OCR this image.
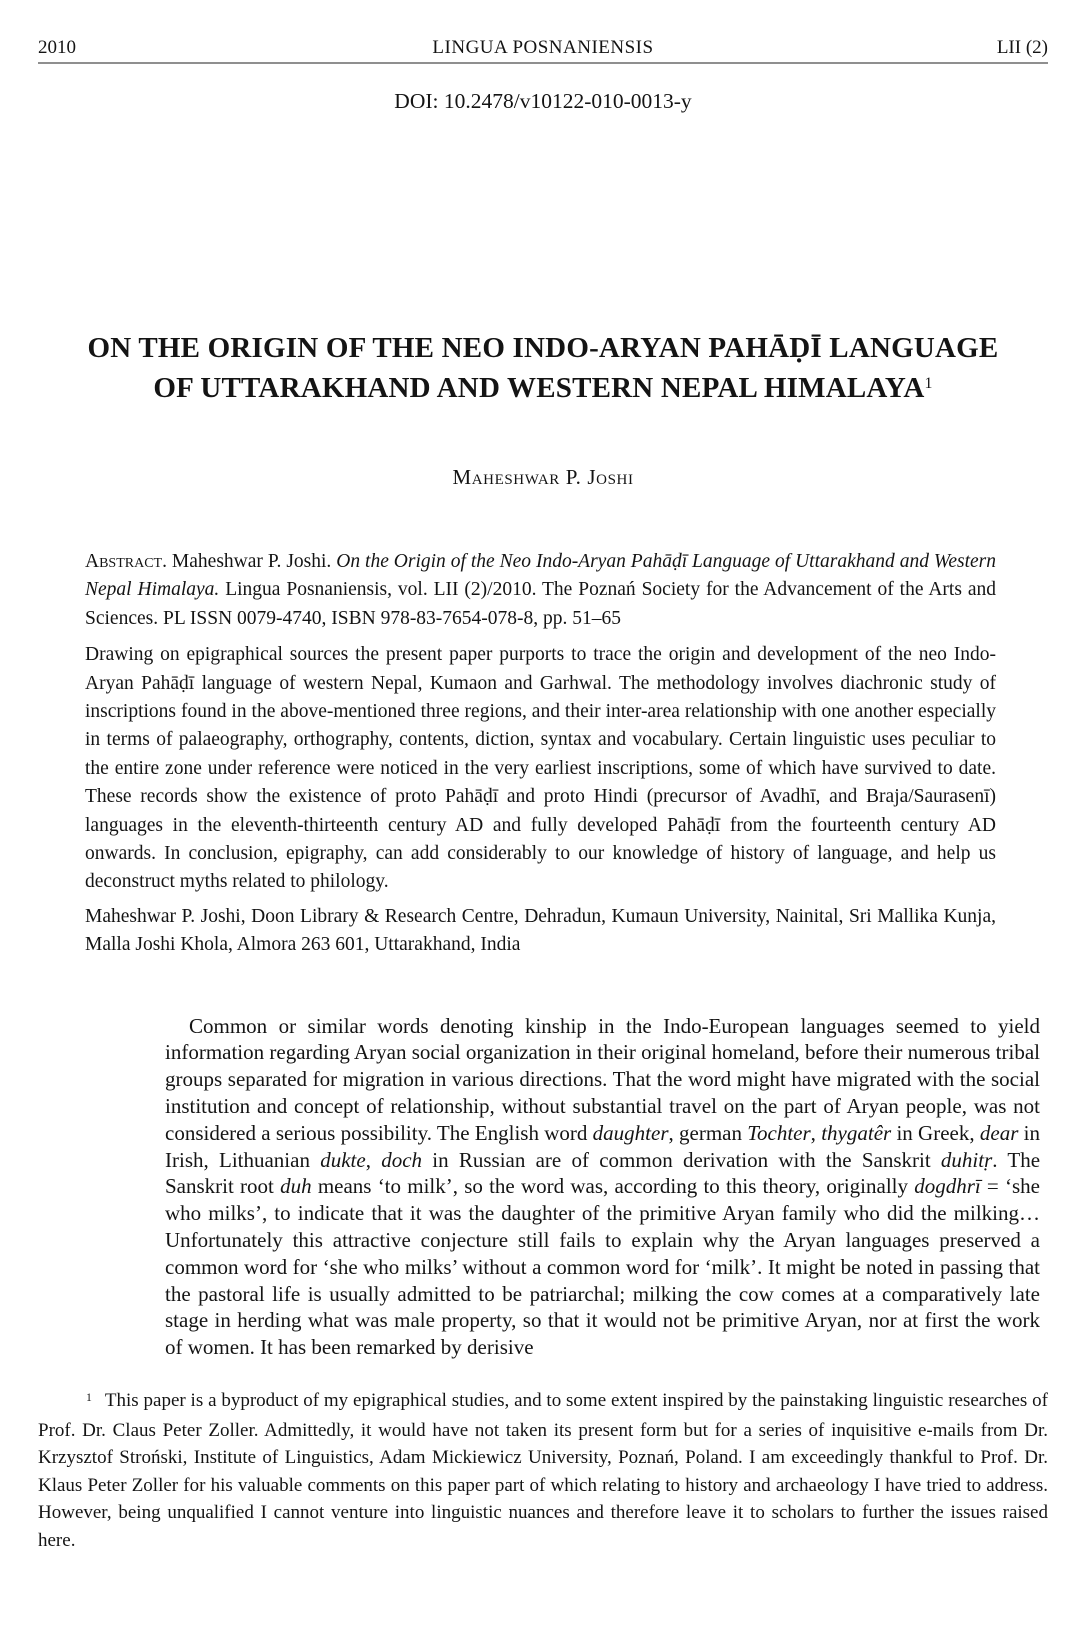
2010	LINGUA POSNANIENSIS	LII (2)
DOI: 10.2478/v10122-010-0013-y
ON THE ORIGIN OF THE NEO INDO-ARYAN PAHĀḌĪ LANGUAGE
OF UTTARAKHAND AND WESTERN NEPAL HIMALAYA$^1$
Maheshwar P. Joshi

Abstract. Maheshwar P. Joshi. On the Origin of the Neo Indo-Aryan Pahāḍī Language of Uttarakhand and Western Nepal Himalaya. Lingua Posnaniensis, vol. LII (2)/2010. The Poznań Society for the Advancement of the Arts and Sciences. PL ISSN 0079-4740, ISBN 978-83-7654-078-8, pp. 51–65

Drawing on epigraphical sources the present paper purports to trace the origin and development of the neo Indo-Aryan Pahāḍī language of western Nepal, Kumaon and Garhwal. The methodology involves diachronic study of inscriptions found in the above-mentioned three regions, and their inter-area relationship with one another especially in terms of palaeography, orthography, contents, diction, syntax and vocabulary. Certain linguistic uses peculiar to the entire zone under reference were noticed in the very earliest inscriptions, some of which have survived to date. These records show the existence of proto Pahāḍī and proto Hindi (precursor of Avadhī, and Braja/Saurasenī) languages in the eleventh-thirteenth century AD and fully developed Pahāḍī from the fourteenth century AD onwards. In conclusion, epigraphy, can add considerably to our knowledge of history of language, and help us deconstruct myths related to philology.

Maheshwar P. Joshi, Doon Library & Research Centre, Dehradun, Kumaun University, Nainital, Sri Mallika Kunja, Malla Joshi Khola, Almora 263 601, Uttarakhand, India

Common or similar words denoting kinship in the Indo-European languages seemed to yield information regarding Aryan social organization in their original homeland, before their numerous tribal groups separated for migration in various directions. That the word might have migrated with the social institution and concept of relationship, without substantial travel on the part of Aryan people, was not considered a serious possibility. The English word daughter, german Tochter, thygatêr in Greek, dear in Irish, Lithuanian dukte, doch in Russian are of common derivation with the Sanskrit duhitṛ. The Sanskrit root duh means ‘to milk’, so the word was, according to this theory, originally dogdhrī = ‘she who milks’, to indicate that it was the daughter of the primitive Aryan family who did the milking… Unfortunately this attractive conjecture still fails to explain why the Aryan languages preserved a common word for ‘she who milks’ without a common word for ‘milk’. It might be noted in passing that the pastoral life is usually admitted to be patriarchal; milking the cow comes at a comparatively late stage in herding what was male property, so that it would not be primitive Aryan, nor at first the work of women. It has been remarked by derisive

$^1$ This paper is a byproduct of my epigraphical studies, and to some extent inspired by the painstaking linguistic researches of Prof. Dr. Claus Peter Zoller. Admittedly, it would have not taken its present form but for a series of inquisitive e-mails from Dr. Krzysztof Stroński, Institute of Linguistics, Adam Mickiewicz University, Poznań, Poland. I am exceedingly thankful to Prof. Dr. Klaus Peter Zoller for his valuable comments on this paper part of which relating to history and archaeology I have tried to address. However, being unqualified I cannot venture into linguistic nuances and therefore leave it to scholars to further the issues raised here.
